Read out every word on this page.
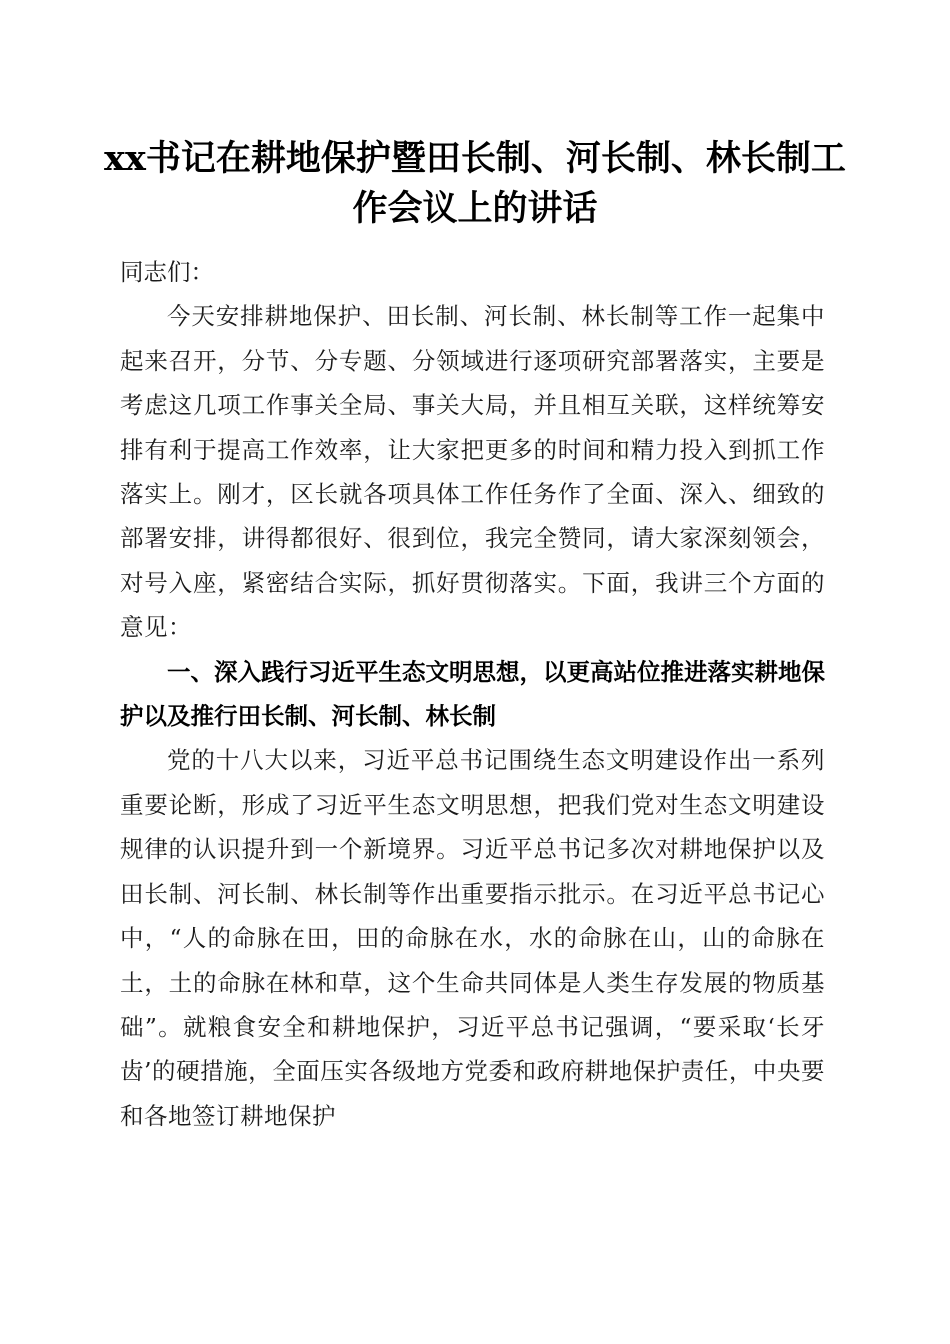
xx书记在耕地保护暨田长制、河长制、林长制工作会议上的讲话

同志们：

今天安排耕地保护、田长制、河长制、林长制等工作一起集中起来召开，分节、分专题、分领域进行逐项研究部署落实，主要是考虑这几项工作事关全局、事关大局，并且相互关联，这样统筹安排有利于提高工作效率，让大家把更多的时间和精力投入到抓工作落实上。刚才，区长就各项具体工作任务作了全面、深入、细致的部署安排，讲得都很好、很到位，我完全赞同，请大家深刻领会，对号入座，紧密结合实际，抓好贯彻落实。下面，我讲三个方面的意见：

一、深入践行习近平生态文明思想，以更高站位推进落实耕地保护以及推行田长制、河长制、林长制

党的十八大以来，习近平总书记围绕生态文明建设作出一系列重要论断，形成了习近平生态文明思想，把我们党对生态文明建设规律的认识提升到一个新境界。习近平总书记多次对耕地保护以及田长制、河长制、林长制等作出重要指示批示。在习近平总书记心中，“人的命脉在田，田的命脉在水，水的命脉在山，山的命脉在土，土的命脉在林和草，这个生命共同体是人类生存发展的物质基础”。就粮食安全和耕地保护，习近平总书记强调，“要采取‘长牙齿’的硬措施，全面压实各级地方党委和政府耕地保护责任，中央要和各地签订耕地保护
